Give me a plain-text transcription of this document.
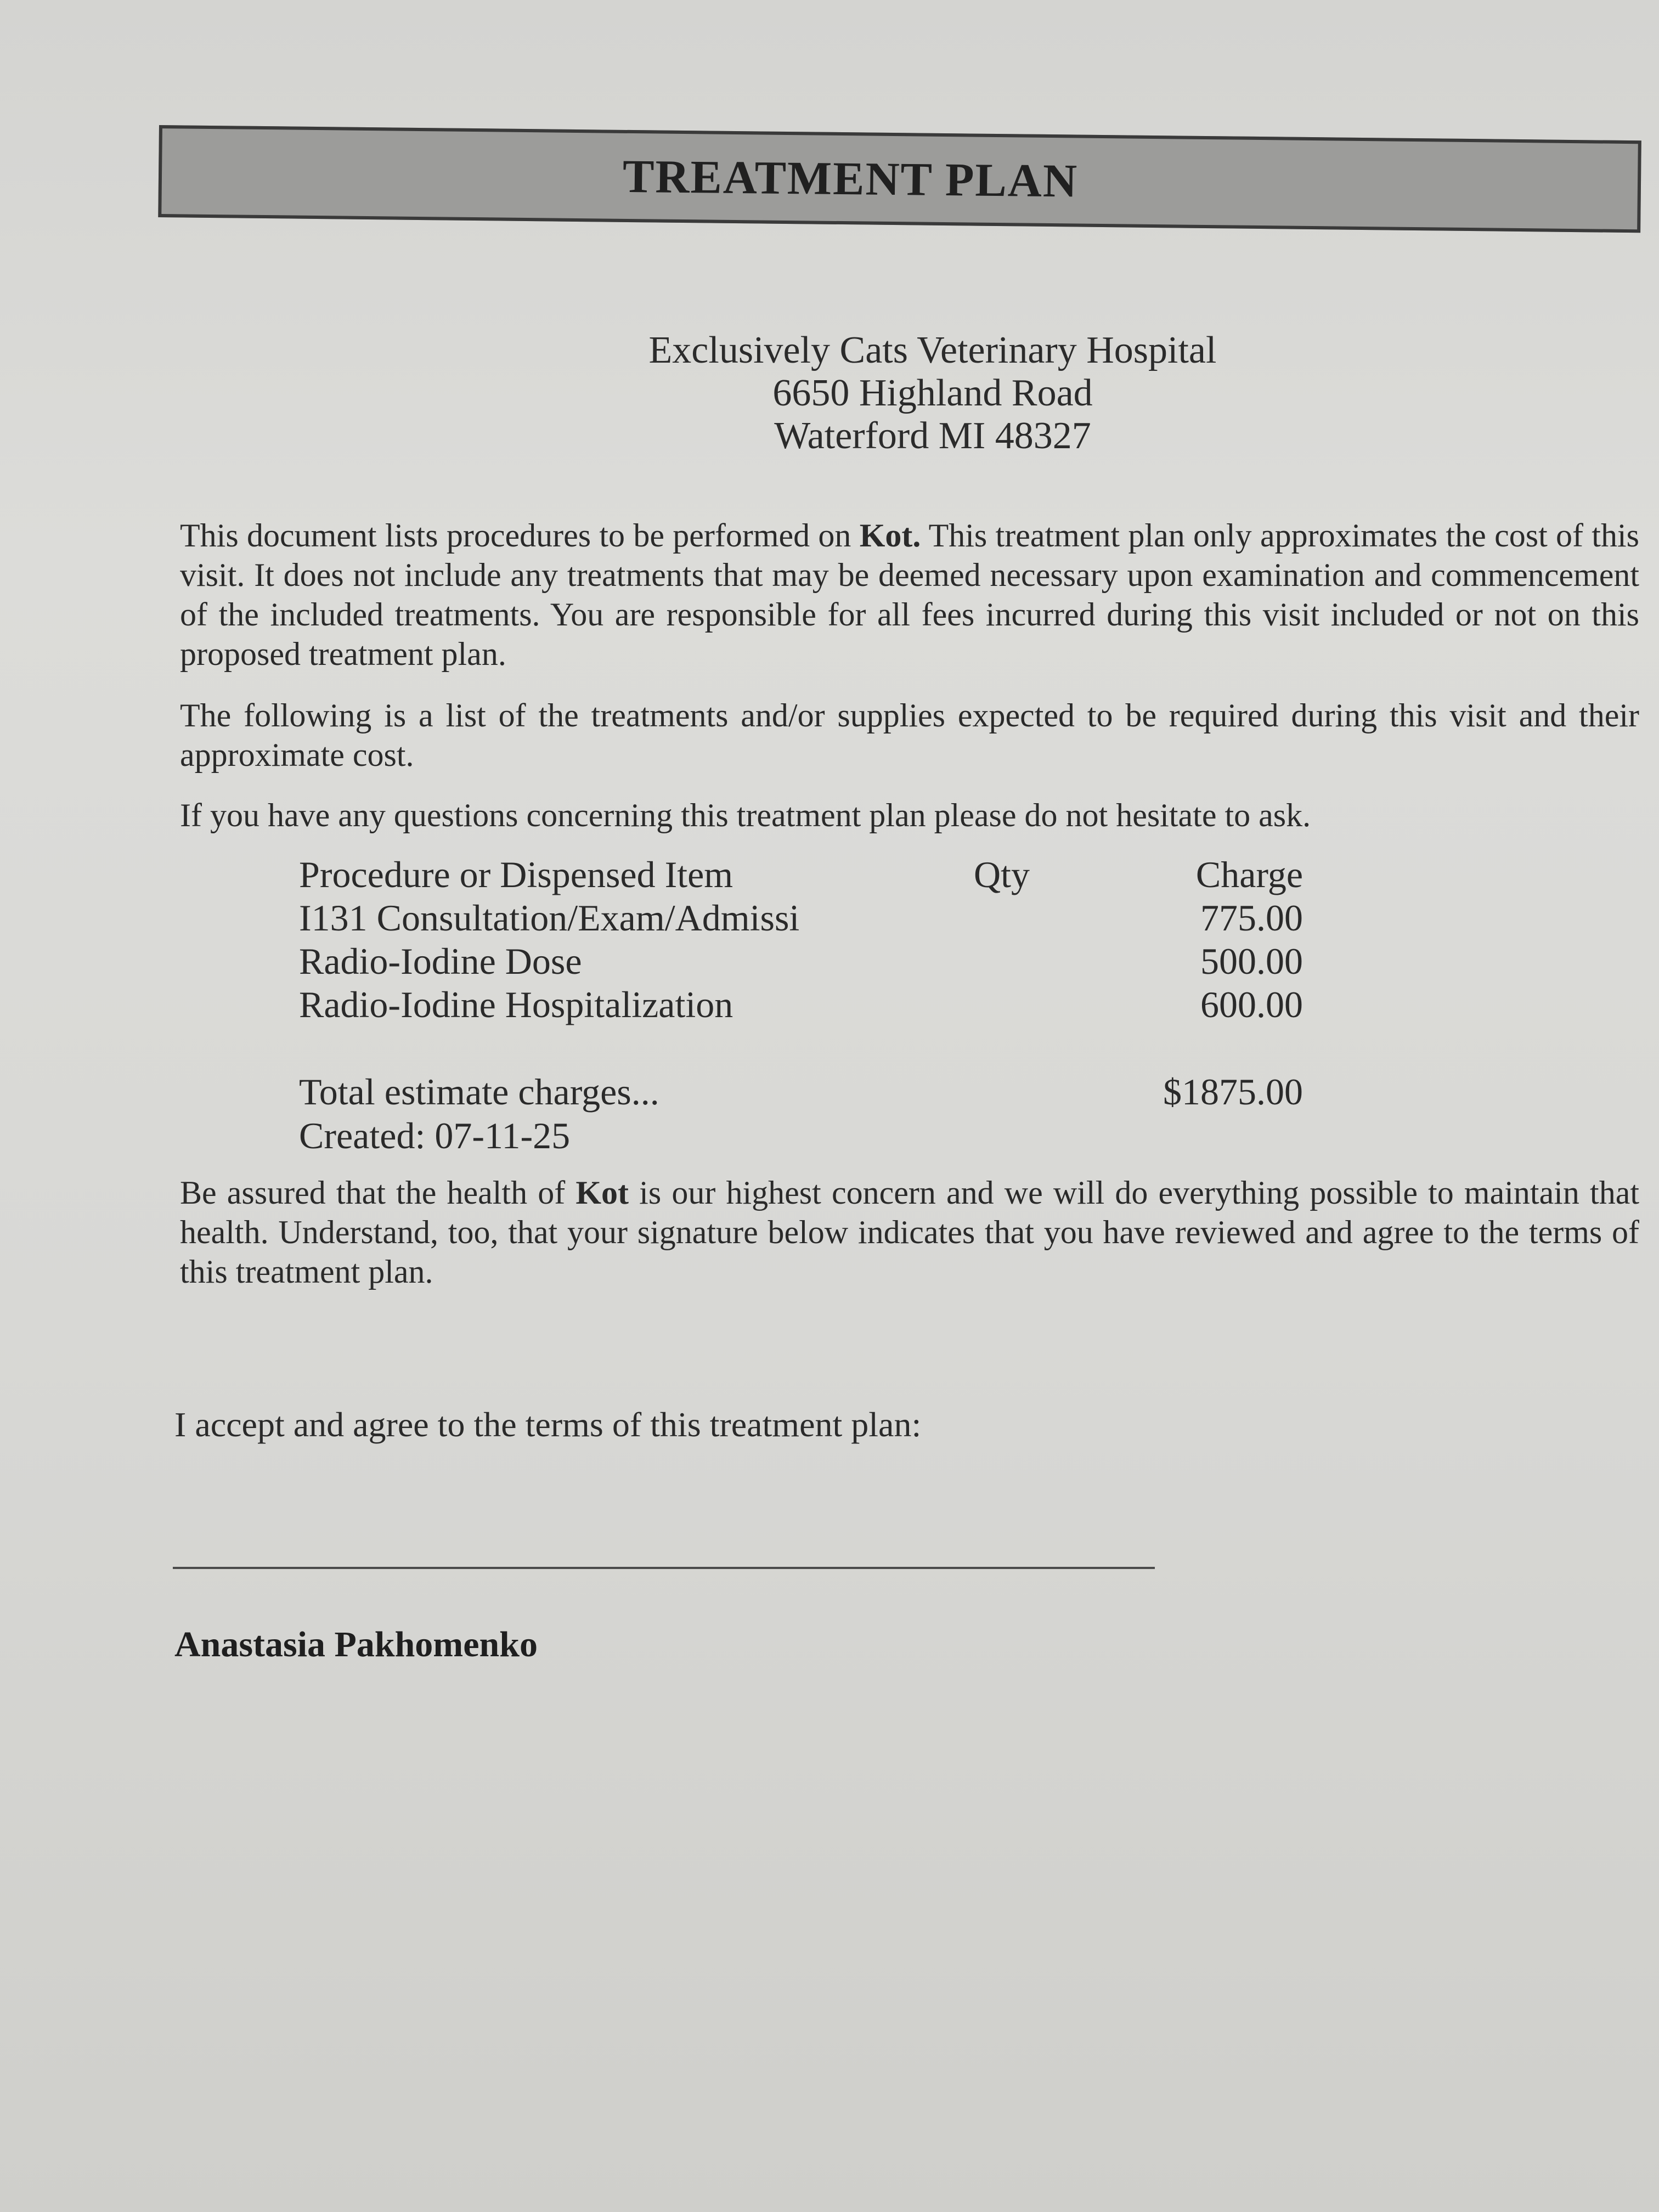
TREATMENT PLAN
Exclusively Cats Veterinary Hospital
6650 Highland Road
Waterford MI 48327
This document lists procedures to be performed on Kot. This treatment plan only approximates the cost of this visit. It does not include any treatments that may be deemed necessary upon examination and commencement of the included treatments. You are responsible for all fees incurred during this visit included or not on this proposed treatment plan.
The following is a list of the treatments and/or supplies expected to be required during this visit and their approximate cost.
If you have any questions concerning this treatment plan please do not hesitate to ask.
Procedure or Dispensed Item	Qty	Charge
I131 Consultation/Exam/Admissi	775.00
Radio-Iodine Dose	500.00
Radio-Iodine Hospitalization	600.00
Total estimate charges...	$1875.00
Created: 07-11-25
Be assured that the health of Kot is our highest concern and we will do everything possible to maintain that health. Understand, too, that your signature below indicates that you have reviewed and agree to the terms of this treatment plan.
I accept and agree to the terms of this treatment plan:
Anastasia Pakhomenko
